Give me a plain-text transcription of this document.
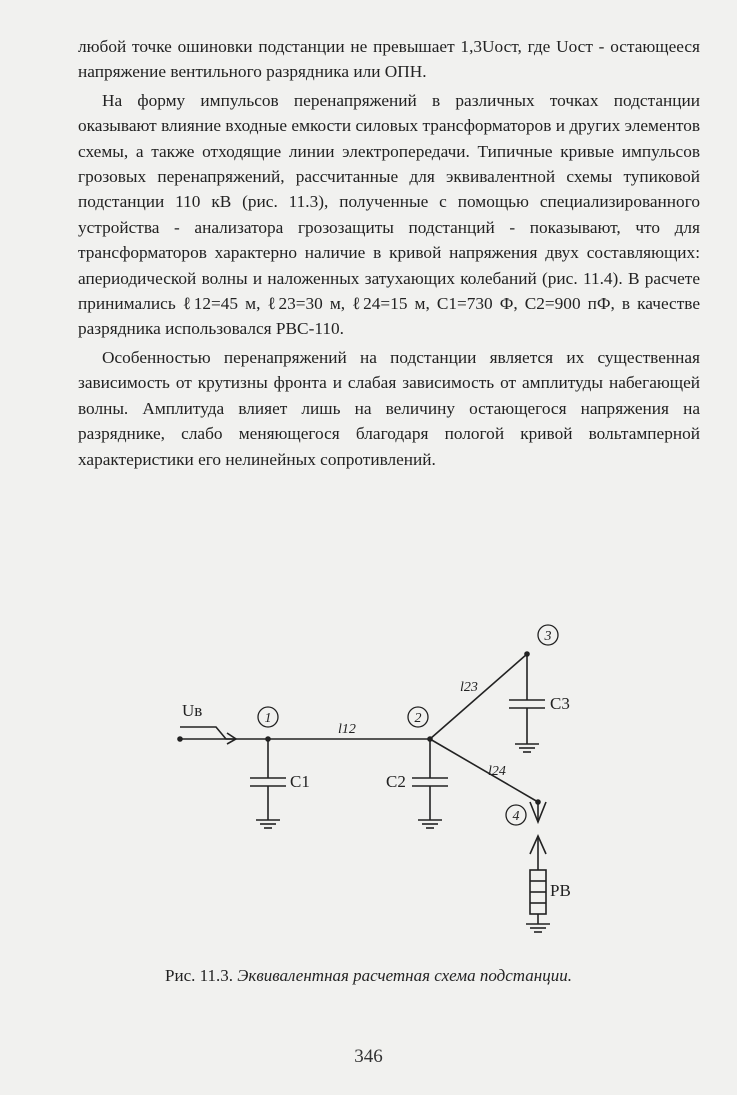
любой точке ошиновки подстанции не превышает 1,3Uост, где Uост - остающееся напряжение вентильного разрядника или ОПН.

На форму импульсов перенапряжений в различных точках подстанции оказывают влияние входные емкости силовых трансформаторов и других элементов схемы, а также отходящие линии электропередачи. Типичные кривые импульсов грозовых перенапряжений, рассчитанные для эквивалентной схемы тупиковой подстанции 110 кВ (рис. 11.3), полученные с помощью специализированного устройства - анализатора грозозащиты подстанций - показывают, что для трансформаторов характерно наличие в кривой напряжения двух составляющих: апериодической волны и наложенных затухающих колебаний (рис. 11.4). В расчете принимались ℓ12=45 м, ℓ23=30 м, ℓ24=15 м, C1=730 Ф, C2=900 пФ, в качестве разрядника использовался РВС-110.

Особенностью перенапряжений на подстанции является их существенная зависимость от крутизны фронта и слабая зависимость от амплитуды набегающей волны. Амплитуда влияет лишь на величину остающегося напряжения на разряднике, слабо меняющегося благодаря пологой кривой вольтамперной характеристики его нелинейных сопротивлений.

1	2
3
4
Uв
l12
l23
l24
C1	C2
C3
РВ
Рис. 11.3. Эквивалентная расчетная схема подстанции.
346
